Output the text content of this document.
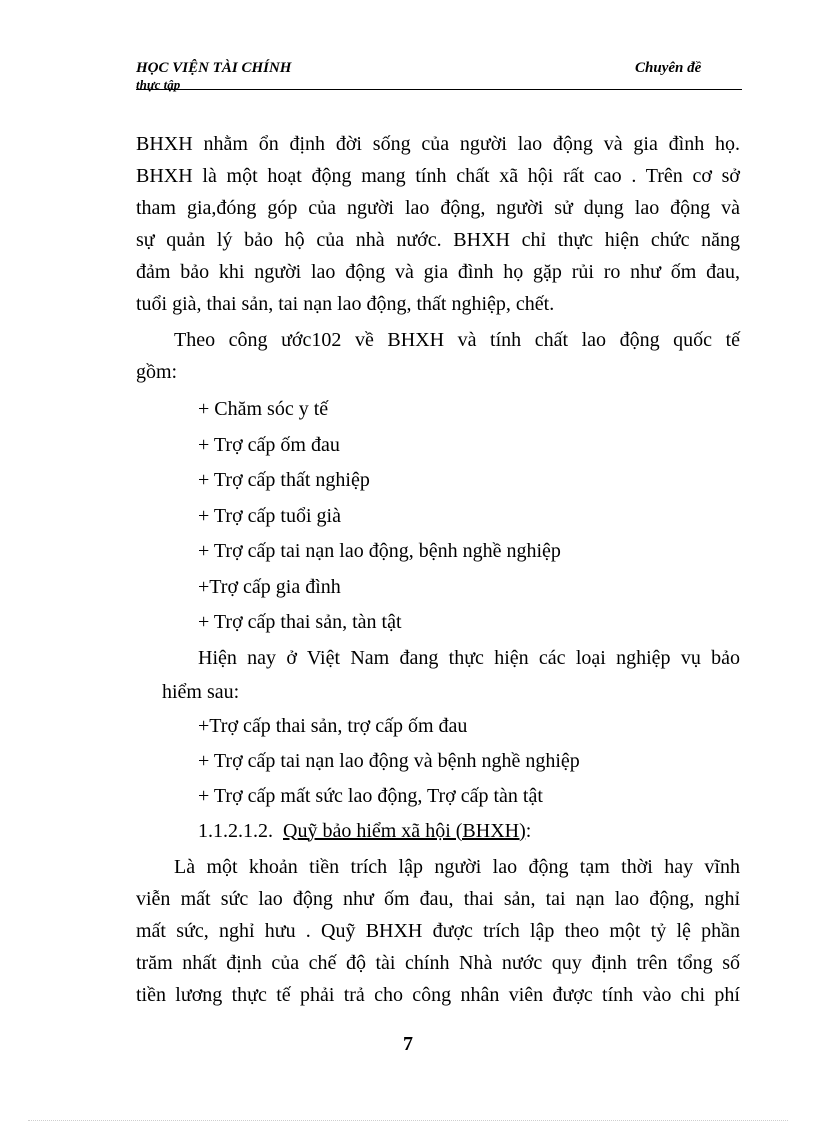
HỌC VIỆN TÀI CHÍNH
thực tập
Chuyên đề
BHXH nhằm ổn định đời sống của người lao động và gia đình họ.
BHXH là một hoạt động mang tính chất xã hội rất cao . Trên cơ sở
tham gia,đóng góp của người lao động, người sử dụng lao động và
sự quản lý bảo hộ của nhà nước. BHXH chỉ thực hiện chức năng
đảm bảo khi người lao động và gia đình họ gặp rủi ro như ốm đau,
tuổi già, thai sản, tai nạn lao động, thất nghiệp, chết.
Theo công ước102 về BHXH và tính chất lao động quốc tế
gồm:
+ Chăm sóc y tế
+ Trợ cấp ốm đau
+ Trợ cấp thất nghiệp
+ Trợ cấp tuổi già
+ Trợ cấp tai nạn lao động, bệnh nghề nghiệp
+Trợ cấp gia đình
+ Trợ cấp thai sản, tàn tật
Hiện nay ở Việt Nam đang thực hiện các loại nghiệp vụ bảo
hiểm sau:
+Trợ cấp thai sản, trợ cấp ốm đau
+ Trợ cấp tai nạn lao động và bệnh nghề nghiệp
+ Trợ cấp mất sức lao động, Trợ cấp tàn tật
1.1.2.1.2. Quỹ bảo hiểm xã hội (BHXH):
Là một khoản tiền trích lập người lao động tạm thời hay vĩnh
viễn mất sức lao động như ốm đau, thai sản, tai nạn lao động, nghỉ
mất sức, nghỉ hưu . Quỹ BHXH được trích lập theo một tỷ lệ phần
trăm nhất định của chế độ tài chính Nhà nước quy định trên tổng số
tiền lương thực tế phải trả cho công nhân viên được tính vào chi phí
7
